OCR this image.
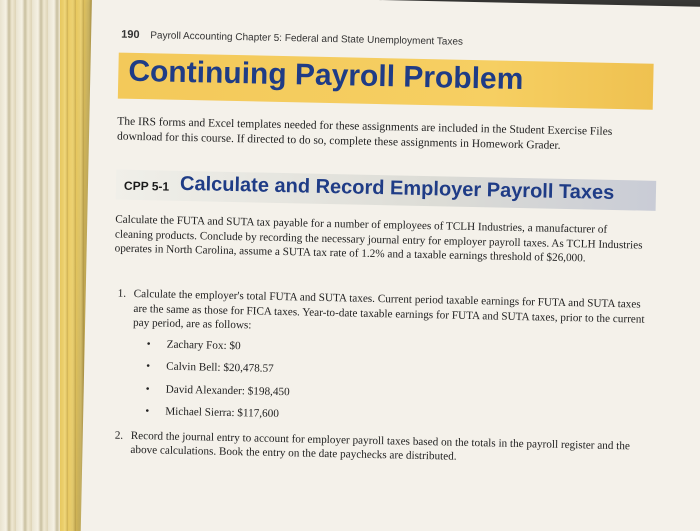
190 Payroll Accounting Chapter 5: Federal and State Unemployment Taxes
Continuing Payroll Problem
The IRS forms and Excel templates needed for these assignments are included in the Student Exercise Files download for this course. If directed to do so, complete these assignments in Homework Grader.
CPP 5-1 Calculate and Record Employer Payroll Taxes
Calculate the FUTA and SUTA tax payable for a number of employees of TCLH Industries, a manufacturer of cleaning products. Conclude by recording the necessary journal entry for employer payroll taxes. As TCLH Industries operates in North Carolina, assume a SUTA tax rate of 1.2% and a taxable earnings threshold of $26,000.
1. Calculate the employer's total FUTA and SUTA taxes. Current period taxable earnings for FUTA and SUTA taxes are the same as those for FICA taxes. Year-to-date taxable earnings for FUTA and SUTA taxes, prior to the current pay period, are as follows:
• Zachary Fox: $0
• Calvin Bell: $20,478.57
• David Alexander: $198,450
• Michael Sierra: $117,600
2. Record the journal entry to account for employer payroll taxes based on the totals in the payroll register and the above calculations. Book the entry on the date paychecks are distributed.
